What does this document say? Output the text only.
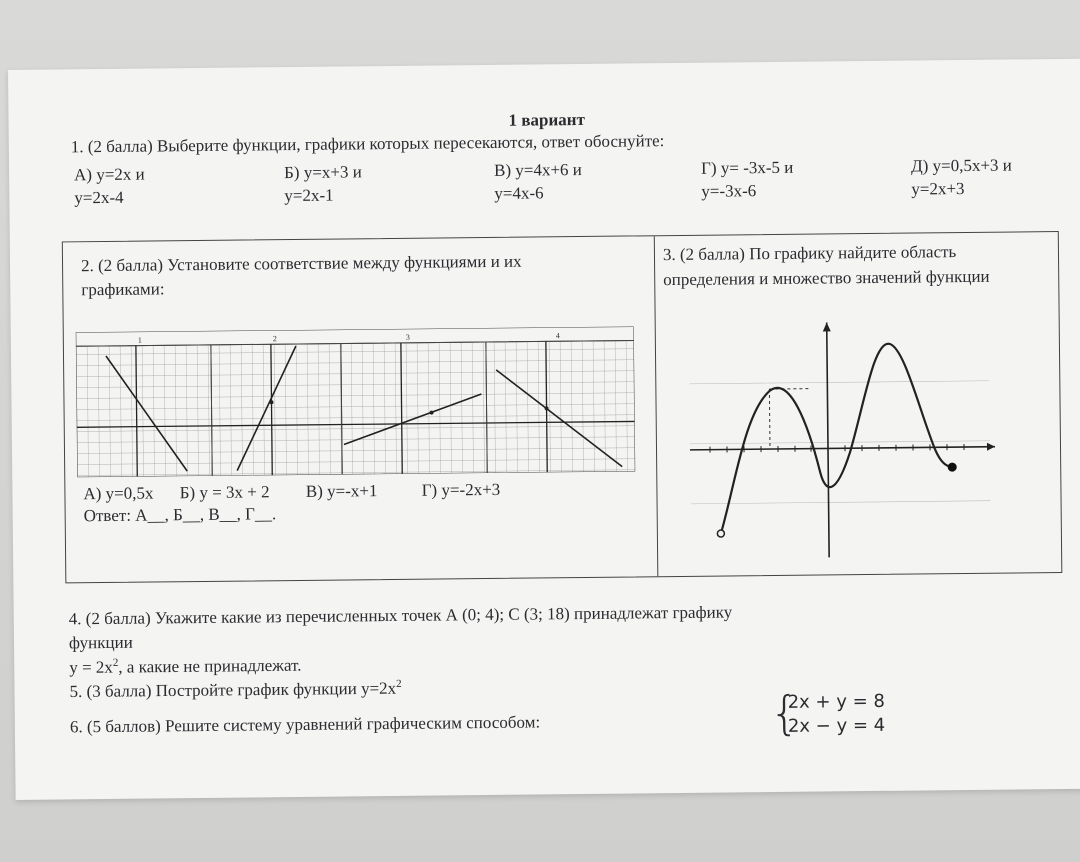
1 вариант
1. (2 балла) Выберите функции, графики которых пересекаются, ответ обоснуйте:
А) у=2х и
у=2х-4
Б) у=х+3 и
у=2х-1
В) у=4х+6 и
у=4х-6
Г) у= -3х-5 и
у=-3х-6
Д) у=0,5х+3 и
у=2х+3
2. (2 балла) Установите соответствие между функциями и их графиками:
1	2	3	4
А) у=0,5х Б) у = 3х + 2 В) у=-х+1	Г) у=-2х+3
Ответ: А__, Б__, В__, Г__.
3. (2 балла) По графику найдите область определения и множество значений функции
4. (2 балла) Укажите какие из перечисленных точек А (0; 4); С (3; 18) принадлежат графику
функции
$у = 2х^2$, а какие не принадлежат.
5. (3 балла) Постройте график функции $у=2х^2$
6. (5 баллов) Решите систему уравнений графическим способом:	{
2x + y = 8
2x − y = 4
